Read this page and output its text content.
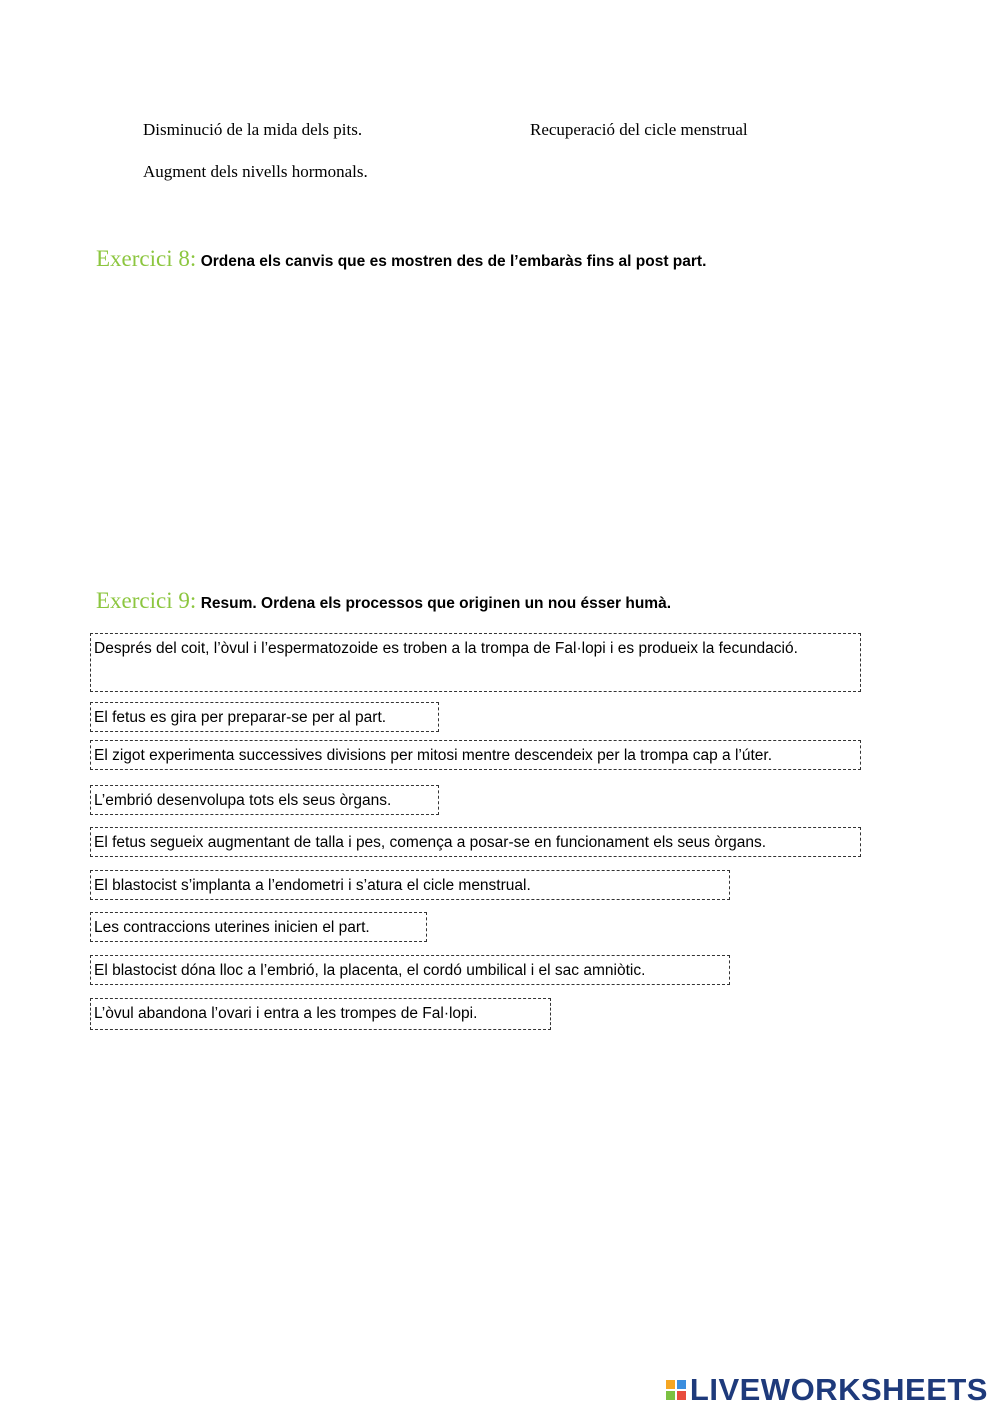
Disminució de la mida dels pits.	Recuperació del cicle menstrual
Augment dels nivells hormonals.
Exercici 8: Ordena els canvis que es mostren des de l’embaràs fins al post part.
Exercici 9: Resum. Ordena els processos que originen un nou ésser humà.
Després del coit, l’òvul i l’espermatozoide es troben a la trompa de Fal·lopi i es produeix la fecundació.
El fetus es gira per preparar-se per al part.
El zigot experimenta successives divisions per mitosi mentre descendeix per la trompa cap a l’úter.
L’embrió desenvolupa tots els seus òrgans.
El fetus segueix augmentant de talla i pes, comença a posar-se en funcionament els seus òrgans.
El blastocist s’implanta a l’endometri i s’atura el cicle menstrual.
Les contraccions uterines inicien el part.
El blastocist dóna lloc a l’embrió, la placenta, el cordó umbilical i el sac amniòtic.
L’òvul abandona l’ovari i entra a les trompes de Fal·lopi.
LIVEWORKSHEETS
